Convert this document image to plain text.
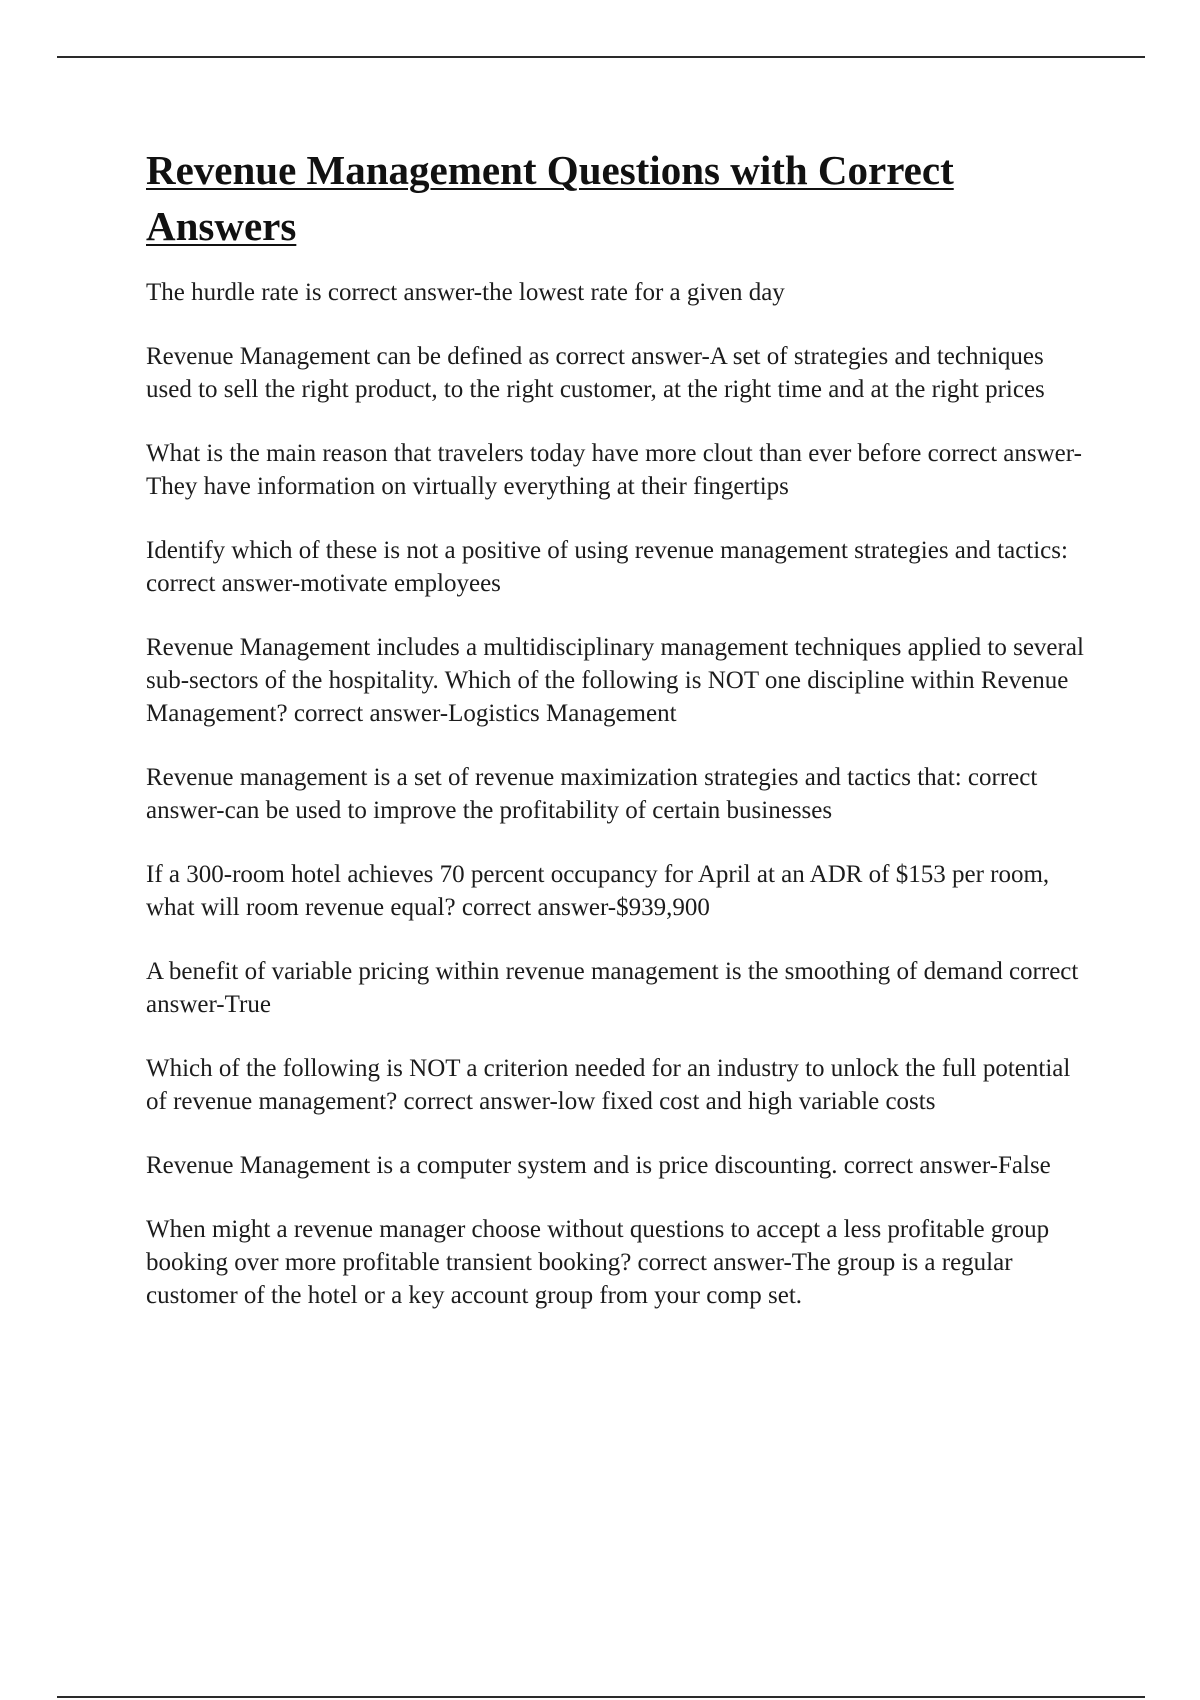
Revenue Management Questions with Correct Answers
The hurdle rate is correct answer-the lowest rate for a given day
Revenue Management can be defined as correct answer-A set of strategies and techniques used to sell the right product, to the right customer, at the right time and at the right prices
What is the main reason that travelers today have more clout than ever before correct answer-They have information on virtually everything at their fingertips
Identify which of these is not a positive of using revenue management strategies and tactics: correct answer-motivate employees
Revenue Management includes a multidisciplinary management techniques applied to several sub-sectors of the hospitality. Which of the following is NOT one discipline within Revenue Management? correct answer-Logistics Management
Revenue management is a set of revenue maximization strategies and tactics that: correct answer-can be used to improve the profitability of certain businesses
If a 300-room hotel achieves 70 percent occupancy for April at an ADR of $153 per room, what will room revenue equal? correct answer-$939,900
A benefit of variable pricing within revenue management is the smoothing of demand correct answer-True
Which of the following is NOT a criterion needed for an industry to unlock the full potential of revenue management? correct answer-low fixed cost and high variable costs
Revenue Management is a computer system and is price discounting. correct answer-False
When might a revenue manager choose without questions to accept a less profitable group booking over more profitable transient booking? correct answer-The group is a regular customer of the hotel or a key account group from your comp set.
